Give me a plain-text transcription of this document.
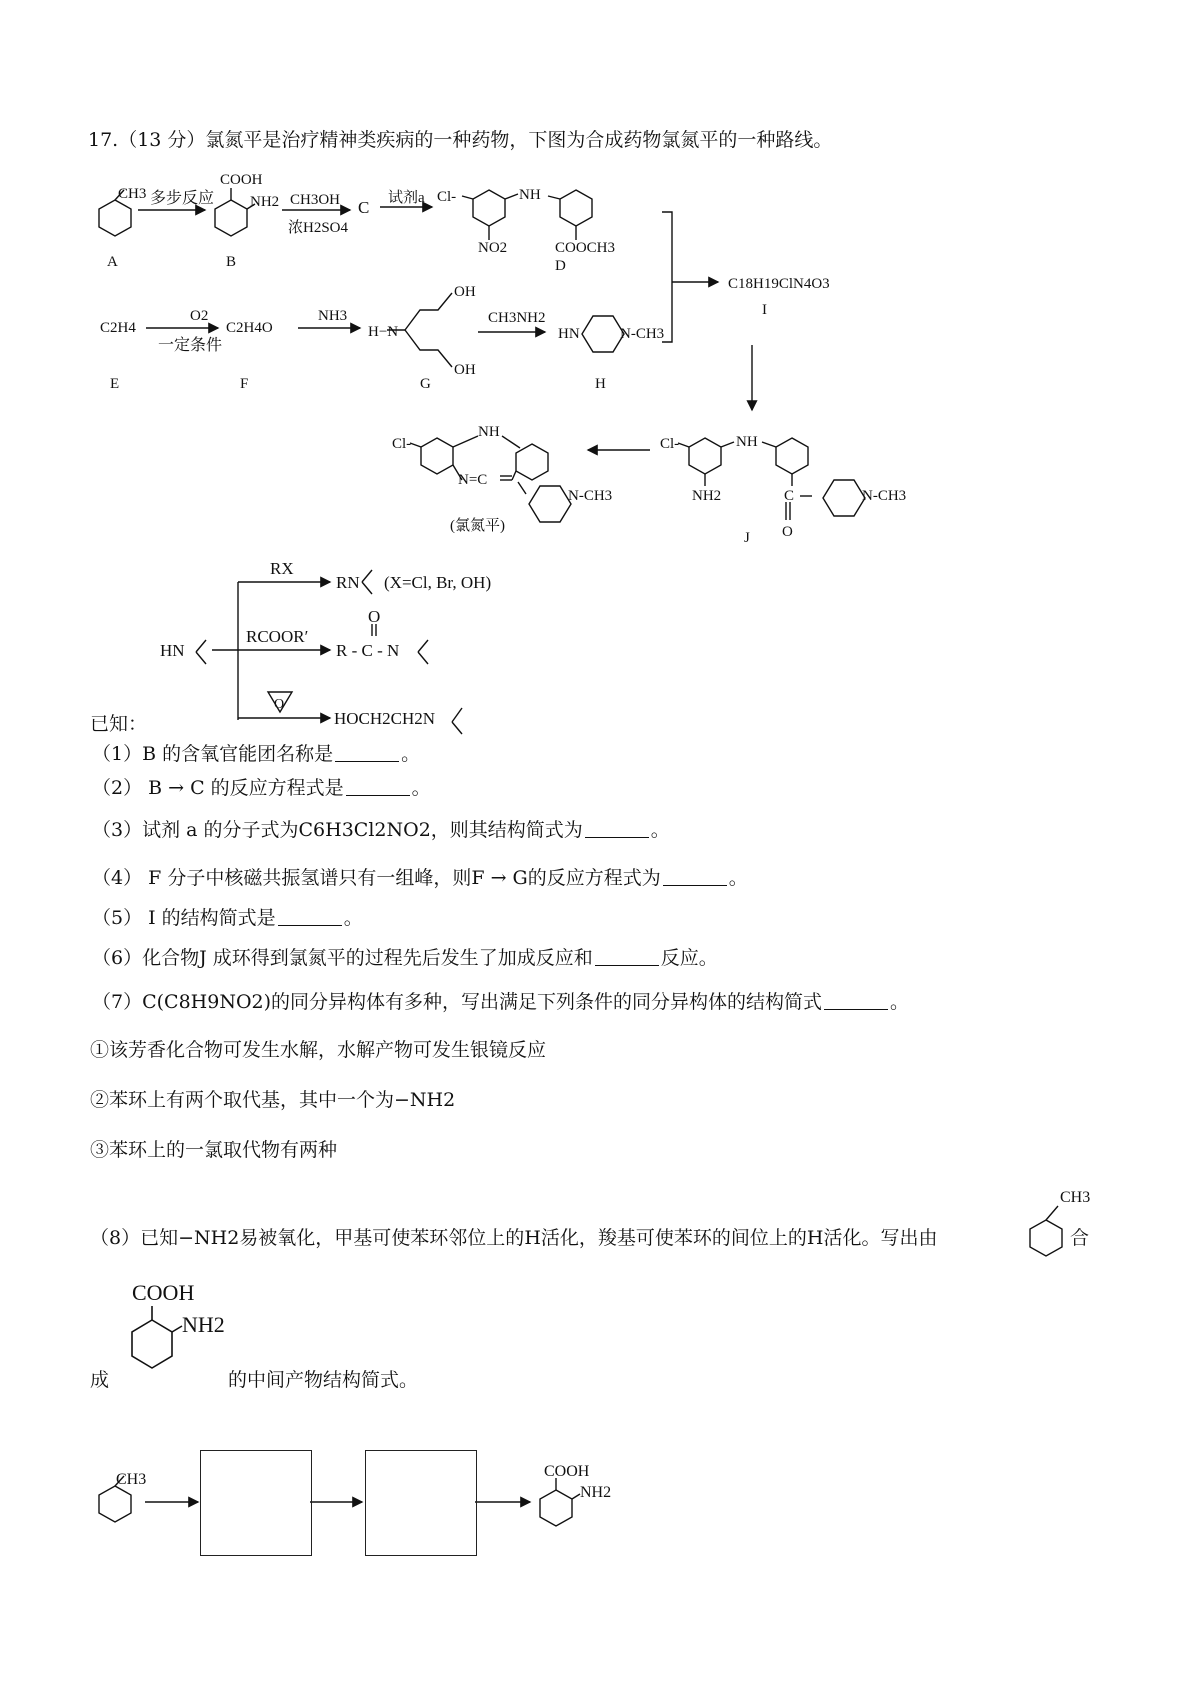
17.（13 分）氯氮平是治疗精神类疾病的一种药物，下图为合成药物氯氮平的一种路线。
CH3
A
多步反应
COOH
NH2
B
CH3OH
浓H2SO4
C 试剂a Cl-	NH
NO2	COOCH3
D
C18H19ClN4O3
I
C2H4
E
O2
一定条件
C2H4O
F
NH3
H−N
OH
OH
G
CH3NH2
HN	N-CH3
H
Cl-
NH
N=C
N-CH3
(氯氮平)
Cl-	NH
NH2	C
O
N-CH3
J
RX
RN (X=Cl, Br, OH)
HN
RCOOR′
R - C - N
O
O
HOCH2CH2N
已知：
（1）B 的含氧官能团名称是	。
（2） B → C 的反应方程式是	。
（3）试剂 a 的分子式为C6H3Cl2NO2，则其结构简式为	。
（4） F 分子中核磁共振氢谱只有一组峰，则F → G的反应方程式为	。
（5） I 的结构简式是	。
（6）化合物J 成环得到氯氮平的过程先后发生了加成反应和	反应。
（7）C(C8H9NO2)的同分异构体有多种，写出满足下列条件的同分异构体的结构简式	。
①该芳香化合物可发生水解，水解产物可发生银镜反应
②苯环上有两个取代基，其中一个为−NH2
③苯环上的一氯取代物有两种
（8）已知−NH2易被氧化，甲基可使苯环邻位上的H活化，羧基可使苯环的间位上的H活化。写出由	合
成	的中间产物结构简式。
CH3
COOH
NH2
CH3	COOH
NH2
